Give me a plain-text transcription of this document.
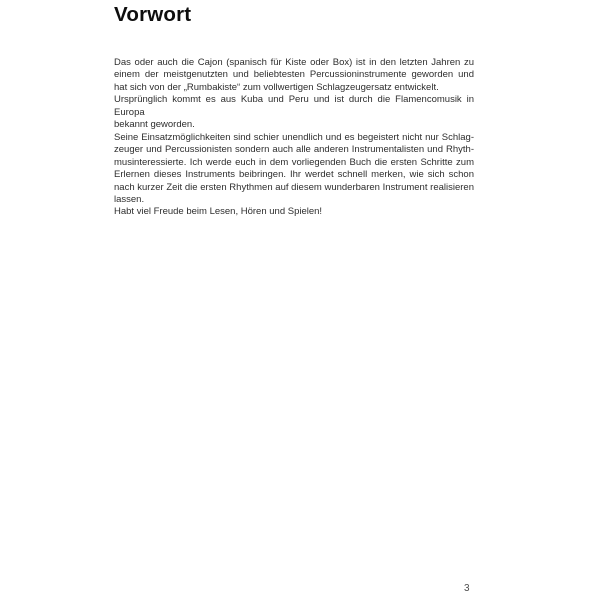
Vorwort
Das oder auch die Cajon (spanisch für Kiste oder Box) ist in den letzten Jahren zu
einem der meistgenutzten und beliebtesten Percussioninstrumente geworden und
hat sich von der „Rumbakiste“ zum vollwertigen Schlagzeugersatz entwickelt.
Ursprünglich kommt es aus Kuba und Peru und ist durch die Flamencomusik in Europa
bekannt geworden.
Seine Einsatzmöglichkeiten sind schier unendlich und es begeistert nicht nur Schlag-
zeuger und Percussionisten sondern auch alle anderen Instrumentalisten und Rhyth-
musinteressierte. Ich werde euch in dem vorliegenden Buch die ersten Schritte zum
Erlernen dieses Instruments beibringen. Ihr werdet schnell merken, wie sich schon
nach kurzer Zeit die ersten Rhythmen auf diesem wunderbaren Instrument realisieren
lassen.
Habt viel Freude beim Lesen, Hören und Spielen!
3
